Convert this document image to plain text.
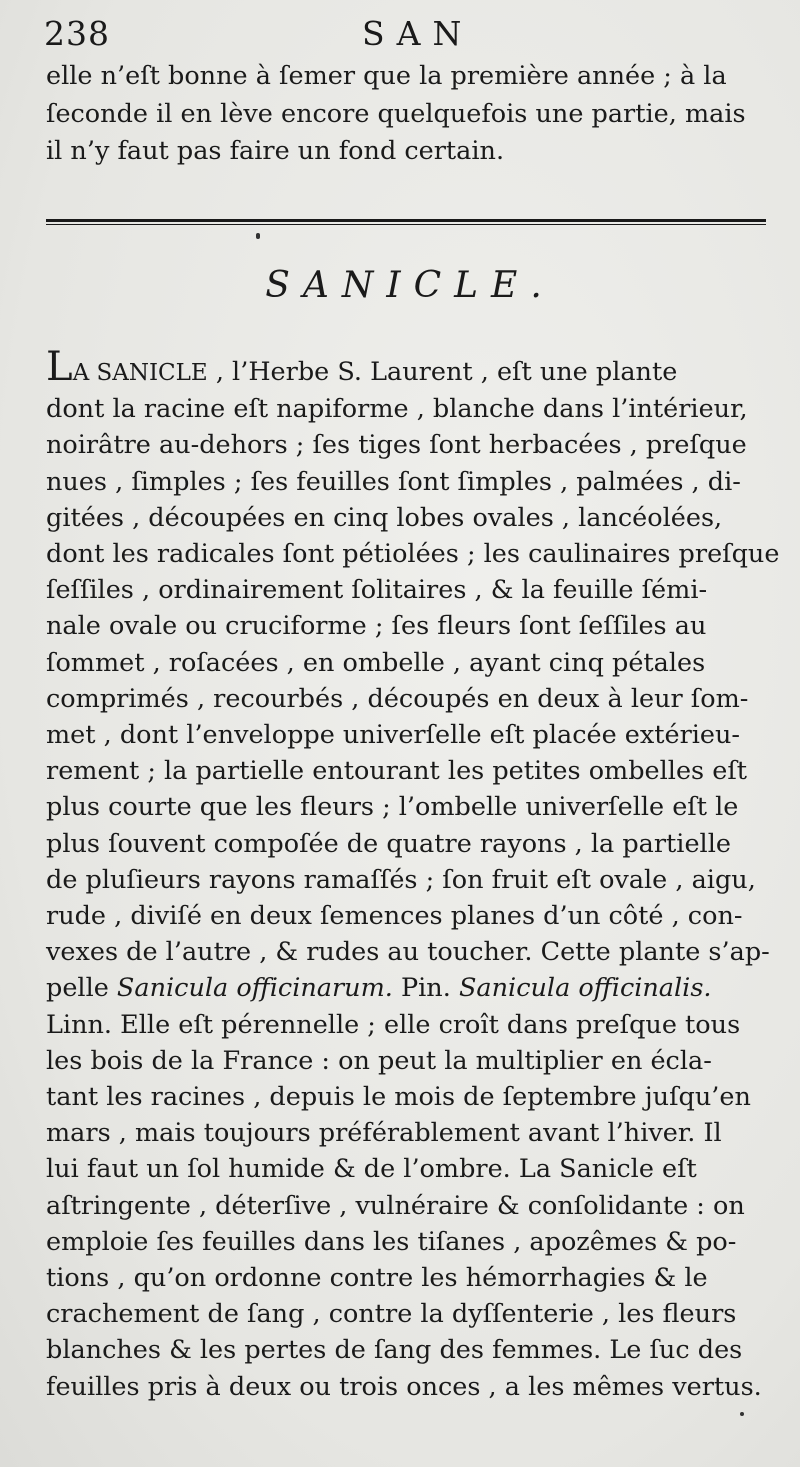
238	SAN
elle n’eſt bonne à ſemer que la première année ; à la
ſeconde il en lève encore quelquefois une partie, mais
il n’y faut pas faire un fond certain.
SANICLE.
LA SANICLE , l’Herbe S. Laurent , eſt une plante
dont la racine eſt napiforme , blanche dans l’intérieur,
noirâtre au-dehors ; ſes tiges ſont herbacées , preſque
nues , ſimples ; ſes feuilles ſont ſimples , palmées , di-
gitées , découpées en cinq lobes ovales , lancéolées,
dont les radicales ſont pétiolées ; les caulinaires preſque
ſeſſiles , ordinairement ſolitaires , & la feuille ſémi-
nale ovale ou cruciforme ; ſes fleurs ſont ſeſſiles au
ſommet , roſacées , en ombelle , ayant cinq pétales
comprimés , recourbés , découpés en deux à leur ſom-
met , dont l’enveloppe univerſelle eſt placée extérieu-
rement ; la partielle entourant les petites ombelles eſt
plus courte que les fleurs ; l’ombelle univerſelle eſt le
plus ſouvent compoſée de quatre rayons , la partielle
de pluſieurs rayons ramaſſés ; ſon fruit eſt ovale , aigu,
rude , diviſé en deux ſemences planes d’un côté , con-
vexes de l’autre , & rudes au toucher. Cette plante s’ap-
pelle Sanicula officinarum. Pin. Sanicula officinalis.
Linn. Elle eſt pérennelle ; elle croît dans preſque tous
les bois de la France : on peut la multiplier en écla-
tant les racines , depuis le mois de ſeptembre juſqu’en
mars , mais toujours préférablement avant l’hiver. Il
lui faut un ſol humide & de l’ombre. La Sanicle eſt
aſtringente , déterſive , vulnéraire & conſolidante : on
emploie ſes feuilles dans les tiſanes , apozêmes & po-
tions , qu’on ordonne contre les hémorrhagies & le
crachement de ſang , contre la dyſſenterie , les fleurs
blanches & les pertes de ſang des femmes. Le ſuc des
feuilles pris à deux ou trois onces , a les mêmes vertus.
